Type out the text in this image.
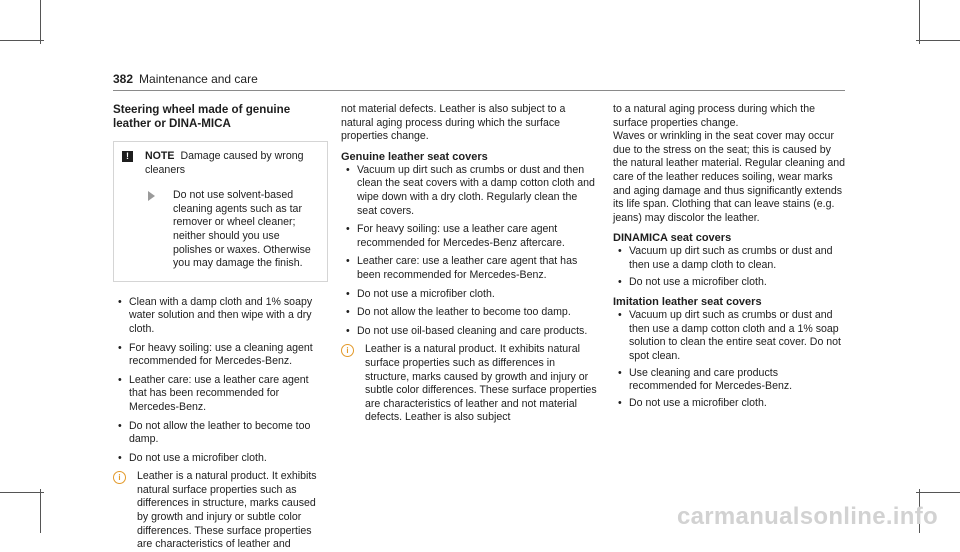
382 Maintenance and care
Steering wheel made of genuine leather or DINA-MICA
!	NOTE Damage caused by wrong cleaners
Do not use solvent-based cleaning agents such as tar remover or wheel cleaner; neither should you use polishes or waxes. Otherwise you may damage the finish.
• Clean with a damp cloth and 1% soapy water solution and then wipe with a dry cloth.
• For heavy soiling: use a cleaning agent recommended for Mercedes-Benz.
• Leather care: use a leather care agent that has been recommended for Mercedes-Benz.
• Do not allow the leather to become too damp.
• Do not use a microfiber cloth.
i	Leather is a natural product. It exhibits natural surface properties such as differences in structure, marks caused by growth and injury or subtle color differences. These surface properties are characteristics of leather and

not material defects. Leather is also subject to a natural aging process during which the surface properties change.

Genuine leather seat covers
• Vacuum up dirt such as crumbs or dust and then clean the seat covers with a damp cotton cloth and wipe down with a dry cloth. Regularly clean the seat covers.
• For heavy soiling: use a leather care agent recommended for Mercedes-Benz aftercare.
• Leather care: use a leather care agent that has been recommended for Mercedes-Benz.
• Do not use a microfiber cloth.
• Do not allow the leather to become too damp.
• Do not use oil-based cleaning and care products.
i	Leather is a natural product. It exhibits natural surface properties such as differences in structure, marks caused by growth and injury or subtle color differences. These surface properties are characteristics of leather and not material defects. Leather is also subject

to a natural aging process during which the surface properties change.

Waves or wrinkling in the seat cover may occur due to the stress on the seat; this is caused by the natural leather material. Regular cleaning and care of the leather reduces soiling, wear marks and aging damage and thus significantly extends its life span. Clothing that can leave stains (e.g. jeans) may discolor the leather.

DINAMICA seat covers
• Vacuum up dirt such as crumbs or dust and then use a damp cloth to clean.
• Do not use a microfiber cloth.
Imitation leather seat covers
• Vacuum up dirt such as crumbs or dust and then use a damp cotton cloth and a 1% soap solution to clean the entire seat cover. Do not spot clean.
• Use cleaning and care products recommended for Mercedes-Benz.
• Do not use a microfiber cloth.
carmanualsonline.info
